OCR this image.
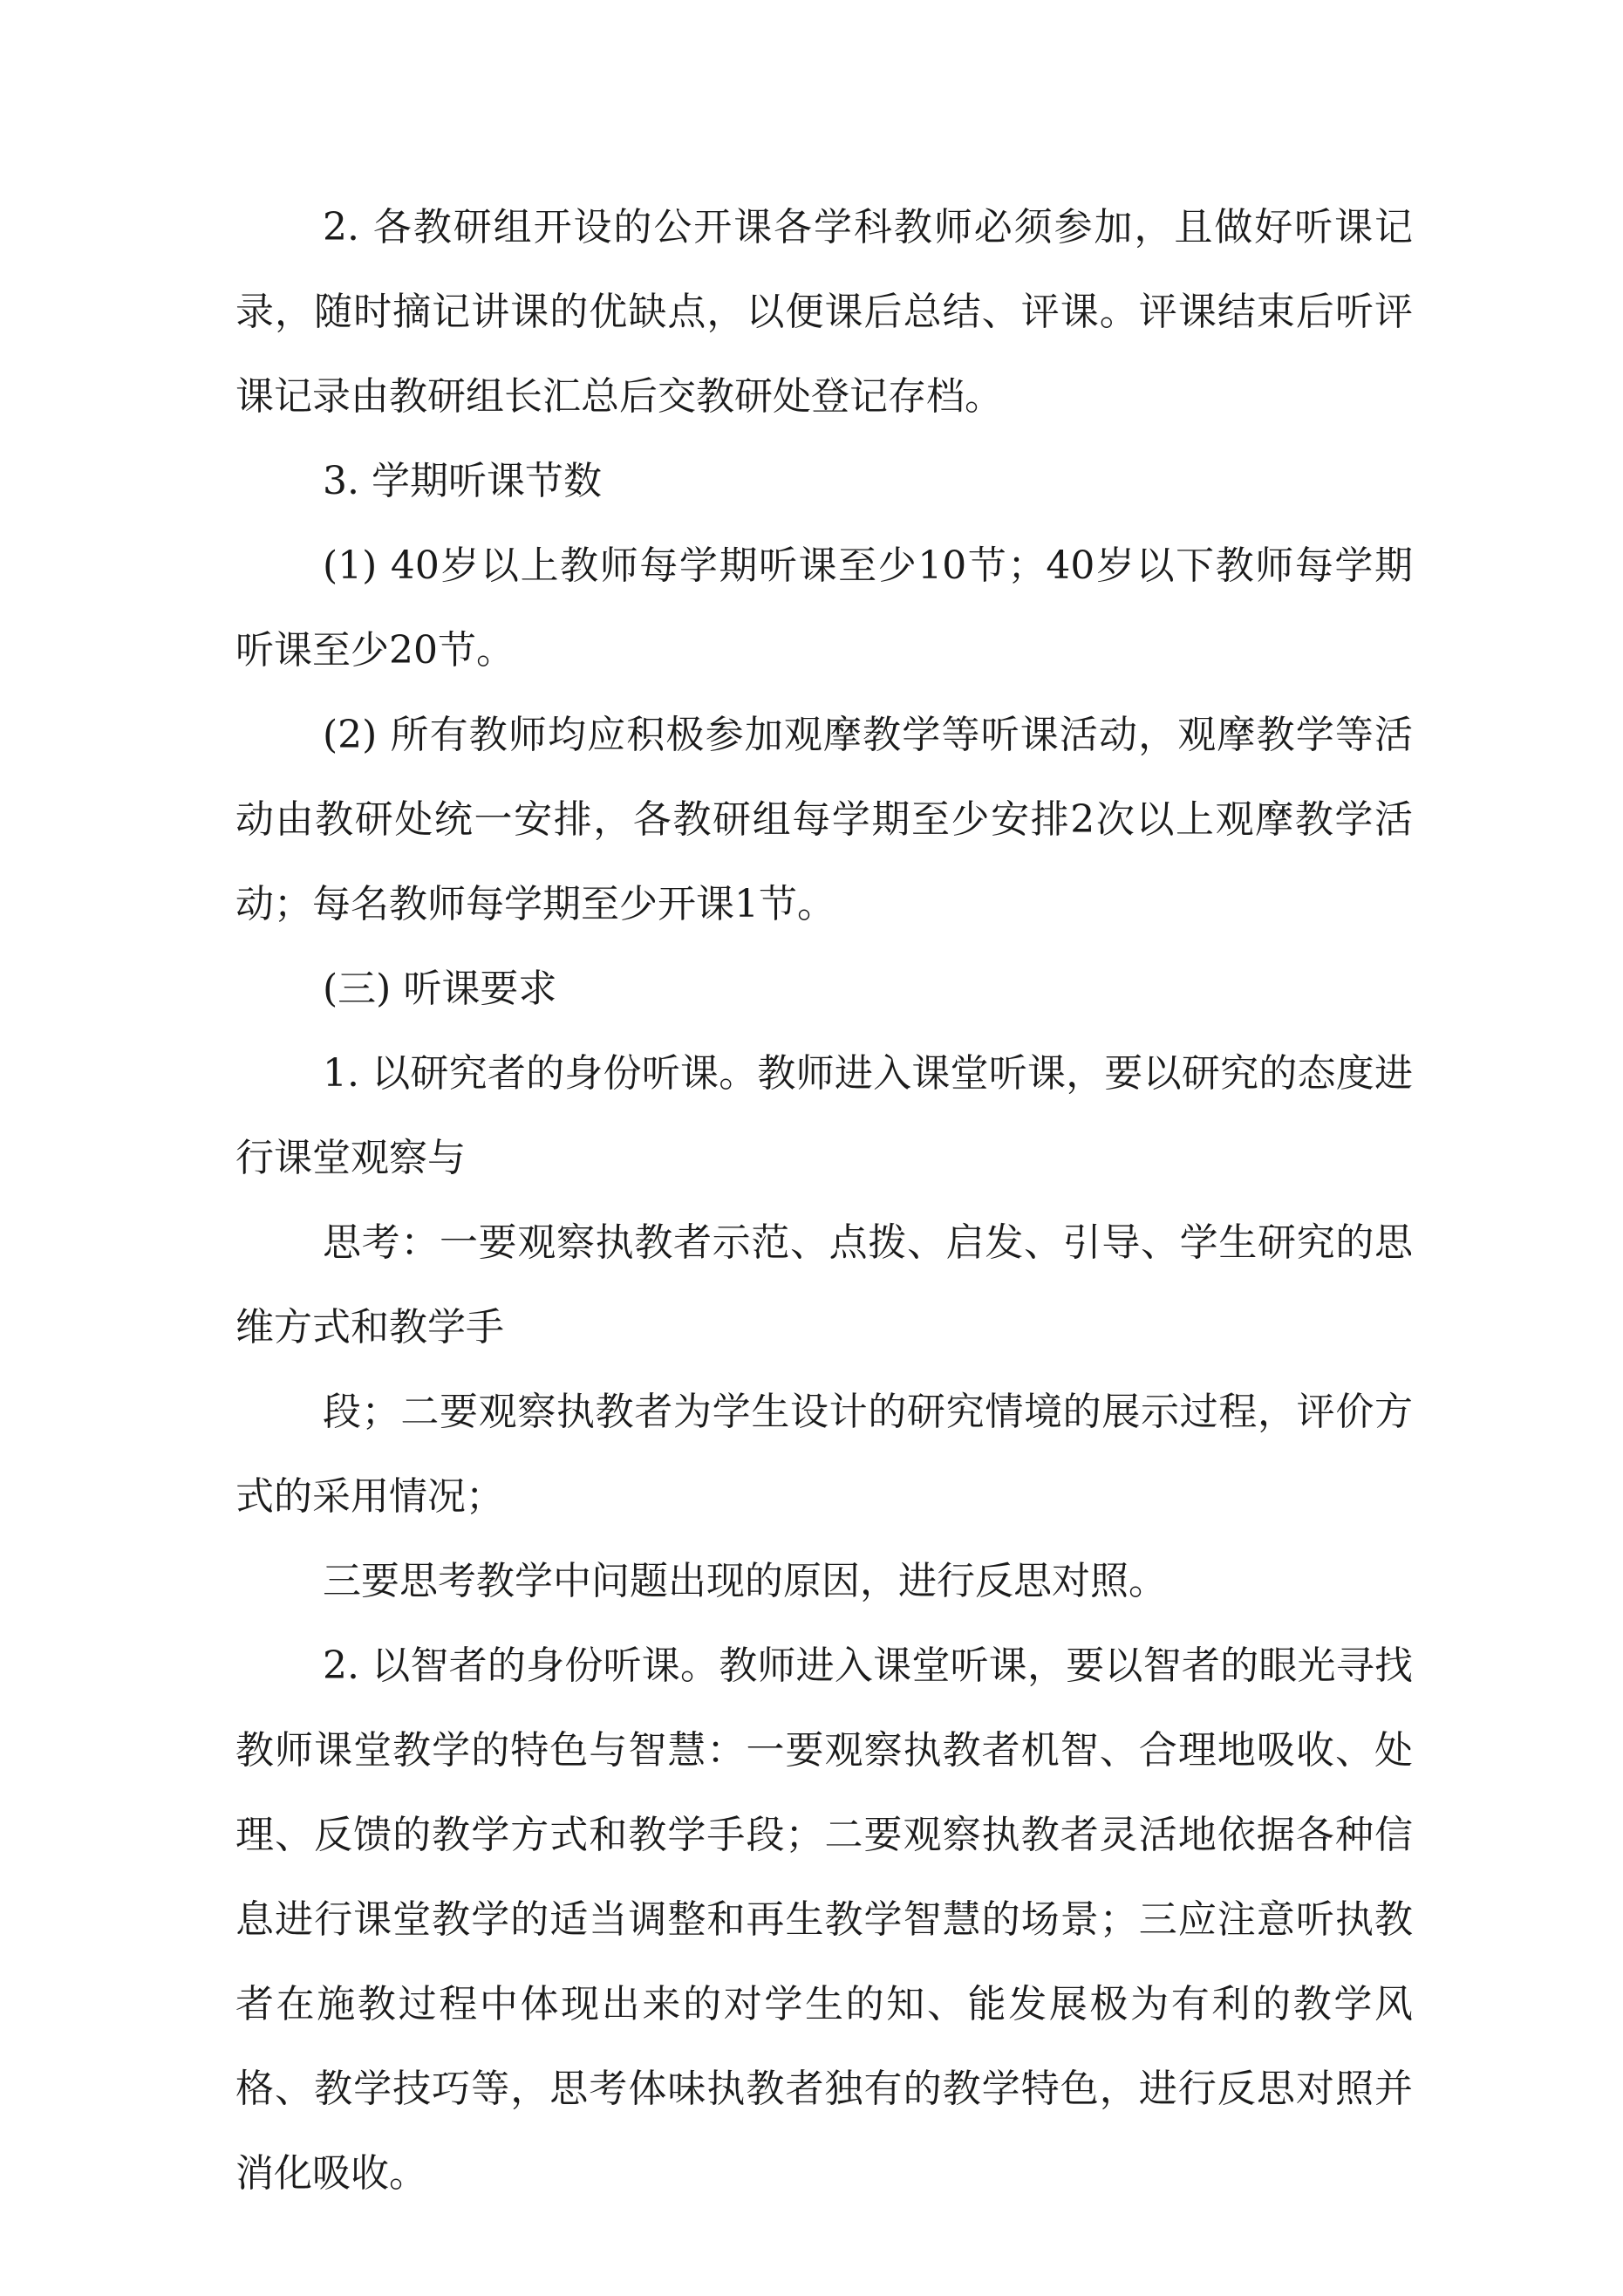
2. 各教研组开设的公开课各学科教师必须参加，且做好听课记录，随时摘记讲课的优缺点，以便课后总结、评课。评课结束后听评课记录由教研组长汇总后交教研处登记存档。

3. 学期听课节数

(1) 40岁以上教师每学期听课至少10节；40岁以下教师每学期听课至少20节。

(2) 所有教师均应积极参加观摩教学等听课活动，观摩教学等活动由教研处统一安排，各教研组每学期至少安排2次以上观摩教学活动；每名教师每学期至少开课1节。

(三) 听课要求

1. 以研究者的身份听课。教师进入课堂听课，要以研究的态度进行课堂观察与

思考：一要观察执教者示范、点拨、启发、引导、学生研究的思维方式和教学手

段；二要观察执教者为学生设计的研究情境的展示过程，评价方式的采用情况；

三要思考教学中问题出现的原因，进行反思对照。

2. 以智者的身份听课。教师进入课堂听课，要以智者的眼光寻找教师课堂教学的特色与智慧：一要观察执教者机智、合理地吸收、处理、反馈的教学方式和教学手段；二要观察执教者灵活地依据各种信息进行课堂教学的适当调整和再生教学智慧的场景；三应注意听执教者在施教过程中体现出来的对学生的知、能发展极为有利的教学风格、教学技巧等，思考体味执教者独有的教学特色，进行反思对照并消化吸收。
